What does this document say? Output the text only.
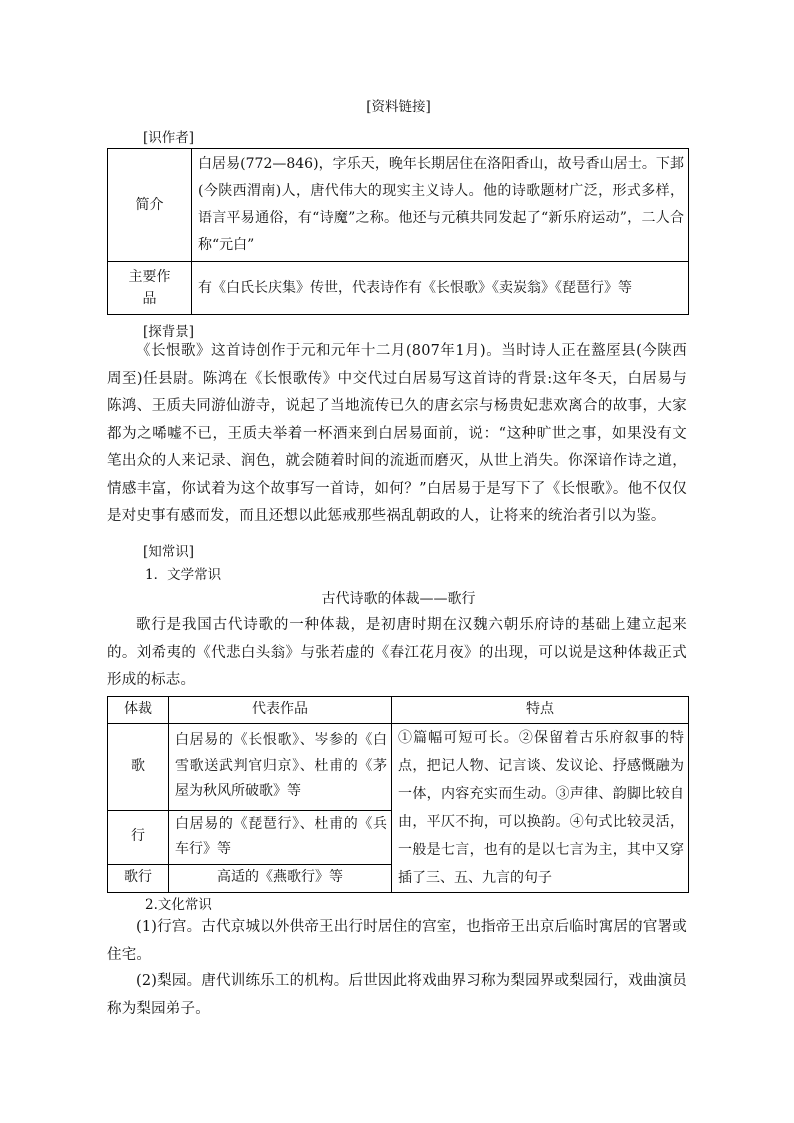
[资料链接]
[识作者]
简介	白居易(772—846)，字乐天，晚年长期居住在洛阳香山，故号香山居士。下邽(今陕西渭南)人，唐代伟大的现实主义诗人。他的诗歌题材广泛，形式多样，语言平易通俗，有“诗魔”之称。他还与元稹共同发起了“新乐府运动”，二人合称“元白”

主要作品	有《白氏长庆集》传世，代表诗作有《长恨歌》《卖炭翁》《琵琶行》等
[探背景]
《长恨歌》这首诗创作于元和元年十二月(807年1月)。当时诗人正在盩厔县(今陕西周至)任县尉。陈鸿在《长恨歌传》中交代过白居易写这首诗的背景:这年冬天，白居易与陈鸿、王质夫同游仙游寺，说起了当地流传已久的唐玄宗与杨贵妃悲欢离合的故事，大家都为之唏嘘不已，王质夫举着一杯酒来到白居易面前，说：“这种旷世之事，如果没有文笔出众的人来记录、润色，就会随着时间的流逝而磨灭，从世上消失。你深谙作诗之道，情感丰富，你试着为这个故事写一首诗，如何？”白居易于是写下了《长恨歌》。他不仅仅是对史事有感而发，而且还想以此惩戒那些祸乱朝政的人，让将来的统治者引以为鉴。
[知常识]
1．文学常识
古代诗歌的体裁——歌行
歌行是我国古代诗歌的一种体裁，是初唐时期在汉魏六朝乐府诗的基础上建立起来的。刘希夷的《代悲白头翁》与张若虚的《春江花月夜》的出现，可以说是这种体裁正式形成的标志。
体裁	代表作品	特点
歌	白居易的《长恨歌》、岑参的《白雪歌送武判官归京》、杜甫的《茅屋为秋风所破歌》等	①篇幅可短可长。②保留着古乐府叙事的特点，把记人物、记言谈、发议论、抒感慨融为一体，内容充实而生动。③声律、韵脚比较自由，平仄不拘，可以换韵。④句式比较灵活，一般是七言，也有的是以七言为主，其中又穿插了三、五、九言的句子
行	白居易的《琵琶行》、杜甫的《兵车行》等	
歌行	高适的《燕歌行》等	
2.文化常识
(1)行宫。古代京城以外供帝王出行时居住的宫室，也指帝王出京后临时寓居的官署或住宅。
(2)梨园。唐代训练乐工的机构。后世因此将戏曲界习称为梨园界或梨园行，戏曲演员称为梨园弟子。
